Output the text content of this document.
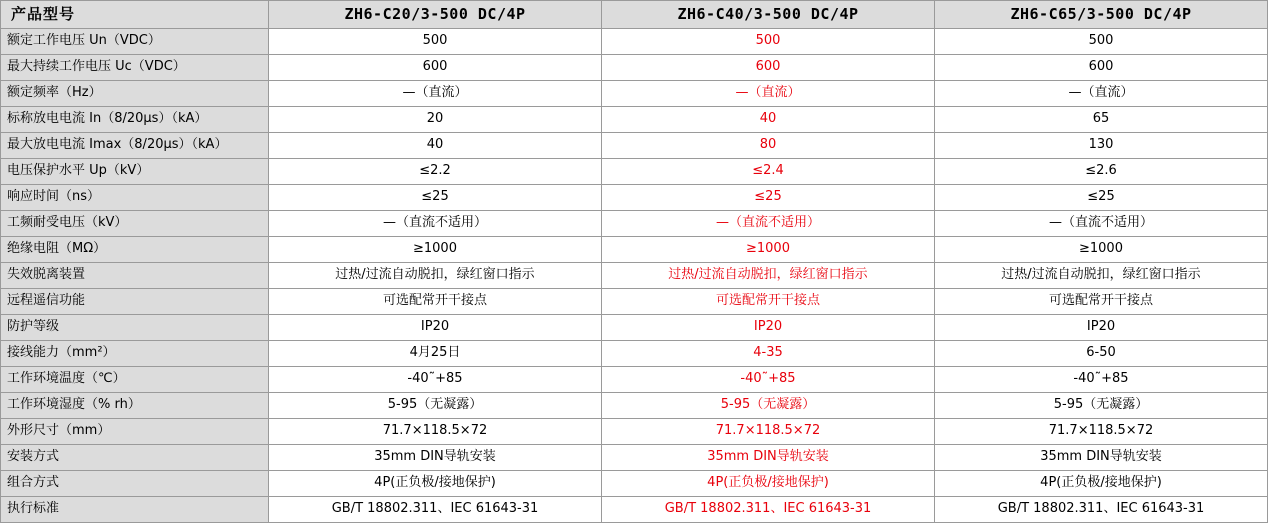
产品型号	ZH6-C20/3-500 DC/4P	ZH6-C40/3-500 DC/4P	ZH6-C65/3-500 DC/4P
额定工作电压 Un（VDC）	500	500	500
最大持续工作电压 Uc（VDC）	600	600	600
额定频率（Hz）	—（直流）	—（直流）	—（直流）
标称放电电流 In（8/20μs）（kA）	20	40	65
最大放电电流 Imax（8/20μs）（kA）	40	80	130
电压保护水平 Up（kV）	≤2.2	≤2.4	≤2.6
响应时间（ns）	≤25	≤25	≤25
工频耐受电压（kV）	—（直流不适用）	—（直流不适用）	—（直流不适用）
绝缘电阻（MΩ）	≥1000	≥1000	≥1000
失效脱离装置	过热/过流自动脱扣，绿红窗口指示	过热/过流自动脱扣，绿红窗口指示	过热/过流自动脱扣，绿红窗口指示
远程遥信功能	可选配常开干接点	可选配常开干接点	可选配常开干接点
防护等级	IP20	IP20	IP20
接线能力（mm²）	4月25日	4-35	6-50
工作环境温度（℃）	-40˜+85	-40˜+85	-40˜+85
工作环境湿度（% rh）	5-95（无凝露）	5-95（无凝露）	5-95（无凝露）
外形尺寸（mm）	71.7×118.5×72	71.7×118.5×72	71.7×118.5×72
安装方式	35mm DIN导轨安装	35mm DIN导轨安装	35mm DIN导轨安装
组合方式	4P(正负极/接地保护)	4P(正负极/接地保护)	4P(正负极/接地保护)
执行标准	GB/T 18802.311、IEC 61643-31	GB/T 18802.311、IEC 61643-31	GB/T 18802.311、IEC 61643-31
